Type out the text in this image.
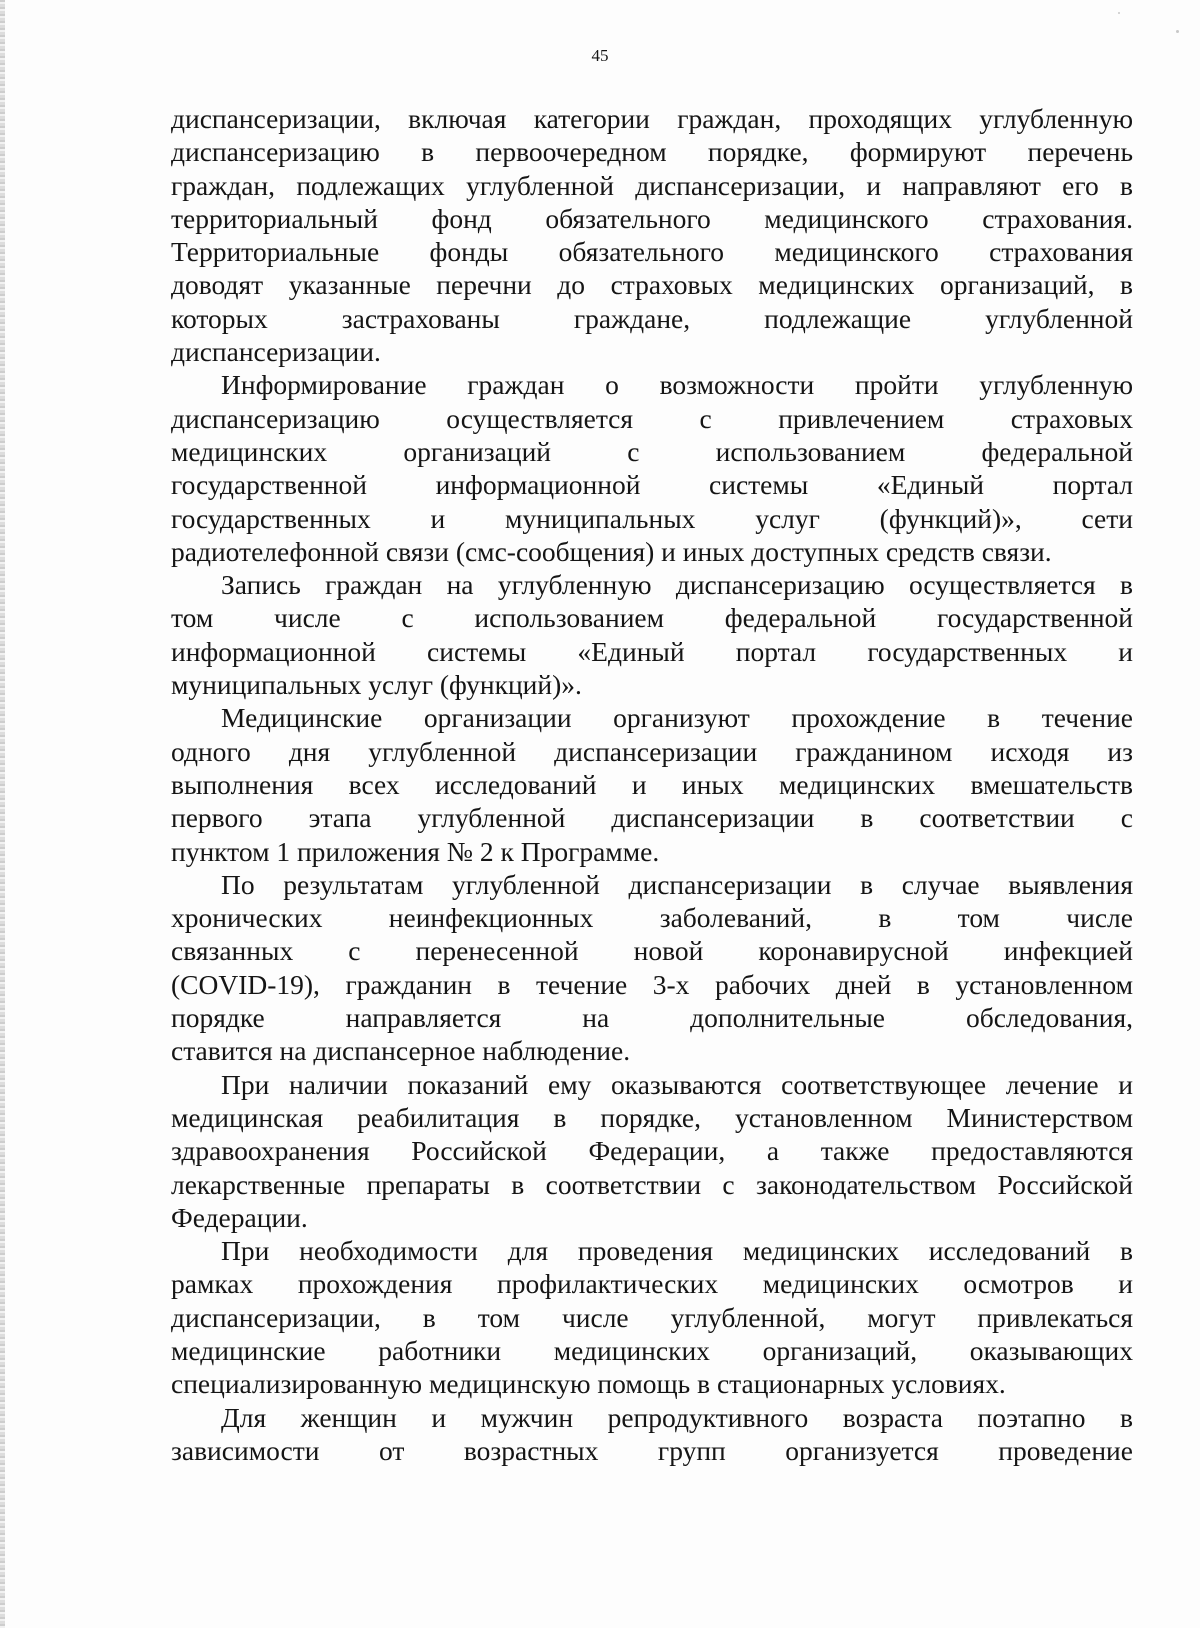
45
диспансеризации, включая категории граждан, проходящих углубленную
диспансеризацию в первоочередном порядке, формируют перечень
граждан, подлежащих углубленной диспансеризации, и направляют его в
территориальный фонд обязательного медицинского страхования.
Территориальные фонды обязательного медицинского страхования
доводят указанные перечни до страховых медицинских организаций, в
которых застрахованы граждане, подлежащие углубленной
диспансеризации.
Информирование граждан о возможности пройти углубленную
диспансеризацию осуществляется с привлечением страховых
медицинских организаций с использованием федеральной
государственной информационной системы «Единый портал
государственных и муниципальных услуг (функций)», сети
радиотелефонной связи (смс-сообщения) и иных доступных средств связи.
Запись граждан на углубленную диспансеризацию осуществляется в
том числе с использованием федеральной государственной
информационной системы «Единый портал государственных и
муниципальных услуг (функций)».
Медицинские организации организуют прохождение в течение
одного дня углубленной диспансеризации гражданином исходя из
выполнения всех исследований и иных медицинских вмешательств
первого этапа углубленной диспансеризации в соответствии с
пунктом 1 приложения № 2 к Программе.
По результатам углубленной диспансеризации в случае выявления
хронических неинфекционных заболеваний, в том числе
связанных с перенесенной новой коронавирусной инфекцией
(COVID-19), гражданин в течение 3-х рабочих дней в установленном
порядке направляется на дополнительные обследования,
ставится на диспансерное наблюдение.
При наличии показаний ему оказываются соответствующее лечение и
медицинская реабилитация в порядке, установленном Министерством
здравоохранения Российской Федерации, а также предоставляются
лекарственные препараты в соответствии с законодательством Российской
Федерации.
При необходимости для проведения медицинских исследований в
рамках прохождения профилактических медицинских осмотров и
диспансеризации, в том числе углубленной, могут привлекаться
медицинские работники медицинских организаций, оказывающих
специализированную медицинскую помощь в стационарных условиях.
Для женщин и мужчин репродуктивного возраста поэтапно в
зависимости от возрастных групп организуется проведение
